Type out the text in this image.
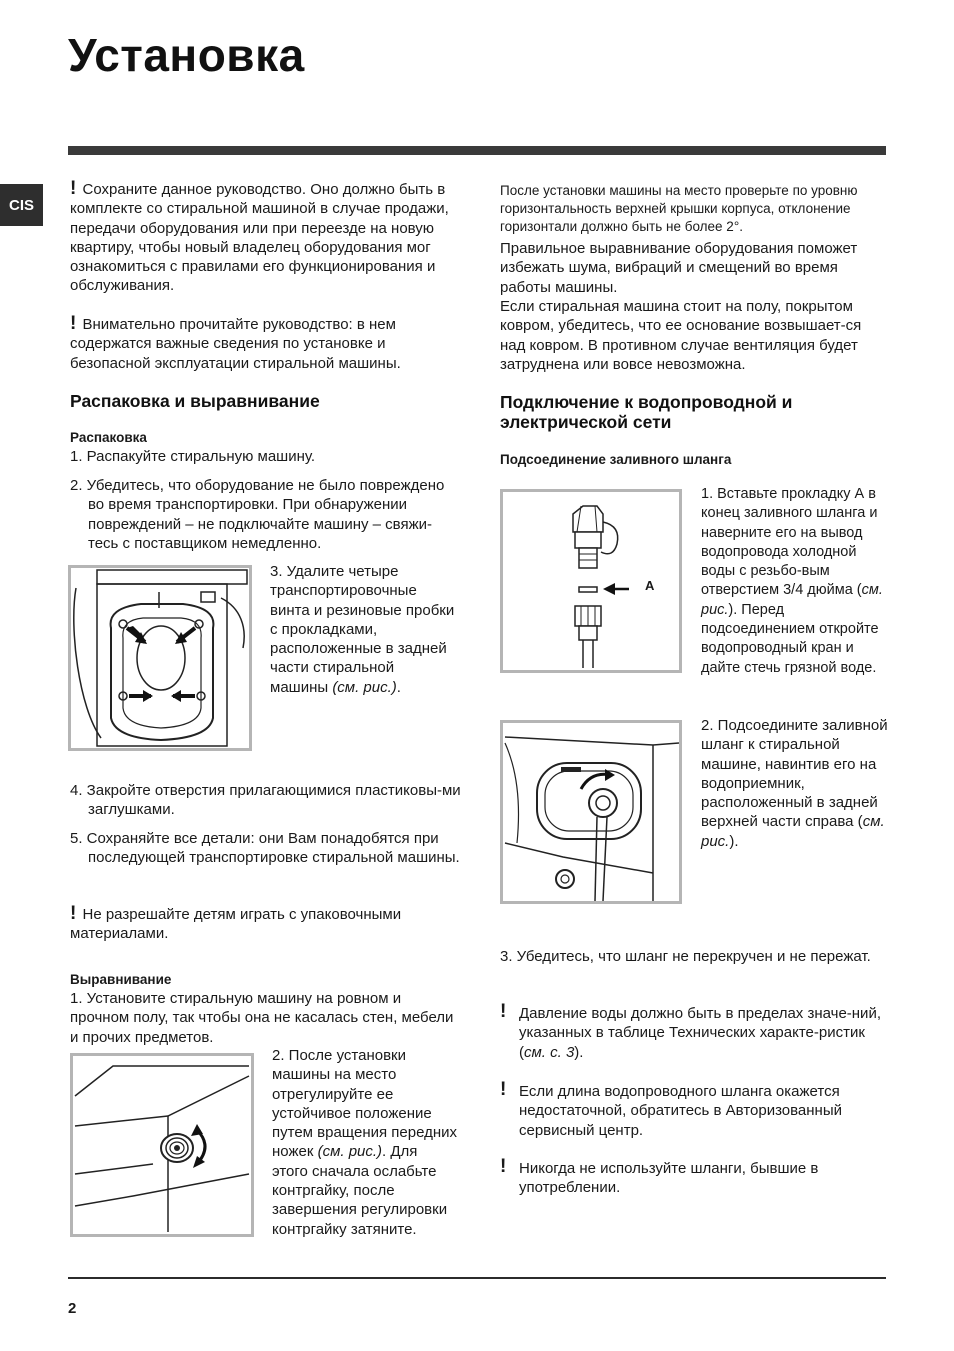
Установка
CIS
! Сохраните данное руководство. Оно должно быть в комплекте со стиральной машиной в случае продажи, передачи оборудования или при переезде на новую квартиру, чтобы новый владелец оборудования мог ознакомиться с правилами его функционирования и обслуживания.
! Внимательно прочитайте руководство: в нем содержатся важные сведения по установке и безопасной эксплуатации стиральной машины.
Распаковка и выравнивание
Распаковка
1. Распакуйте стиральную машину.
2. Убедитесь, что оборудование не было повреждено во время транспортировки. При обнаружении повреждений – не подключайте машину – свяжи-тесь с поставщиком немедленно.
3. Удалите четыре транспортировочные винта и резиновые пробки с прокладками, расположенные в задней части стиральной машины (см. рис.).
4. Закройте отверстия прилагающимися пластиковы-ми заглушками.
5. Сохраняйте все детали: они Вам понадобятся при последующей транспортировке стиральной машины.
! Не разрешайте детям играть с упаковочными материалами.
Выравнивание
1. Установите стиральную машину на ровном и прочном полу, так чтобы она не касалась стен, мебели и прочих предметов.
2. После установки машины на место отрегулируйте ее устойчивое положение путем вращения передних ножек (см. рис.). Для этого сначала ослабьте контргайку, после завершения регулировки контргайку затяните.
После установки машины на место проверьте по уровню горизонтальность верхней крышки корпуса, отклонение горизонтали должно быть не более 2°.
Правильное выравнивание оборудования поможет избежать шума, вибраций и смещений во время работы машины.
Если стиральная машина стоит на полу, покрытом ковром, убедитесь, что ее основание возвышает-ся над ковром. В противном случае вентиляция будет затруднена или вовсе невозможна.
Подключение к водопроводной и
электрической сети
Подсоединение заливного шланга
A
1. Вставьте прокладку А в конец заливного шланга и наверните его на вывод водопровода холодной воды с резьбо-вым отверстием 3/4 дюйма (см. рис.). Перед подсоединением откройте водопроводный кран и дайте стечь грязной воде.
2. Подсоедините заливной шланг к стиральной машине, навинтив его на водоприемник, расположенный в задней верхней части справа (см. рис.).
3. Убедитесь, что шланг не перекручен и не пережат.
! Давление воды должно быть в пределах значе-ний, указанных в таблице Технических характе-ристик (см. с. 3).
! Если длина водопроводного шланга окажется недостаточной, обратитесь в Авторизованный сервисный центр.
! Никогда не используйте шланги, бывшие в употреблении.
2
